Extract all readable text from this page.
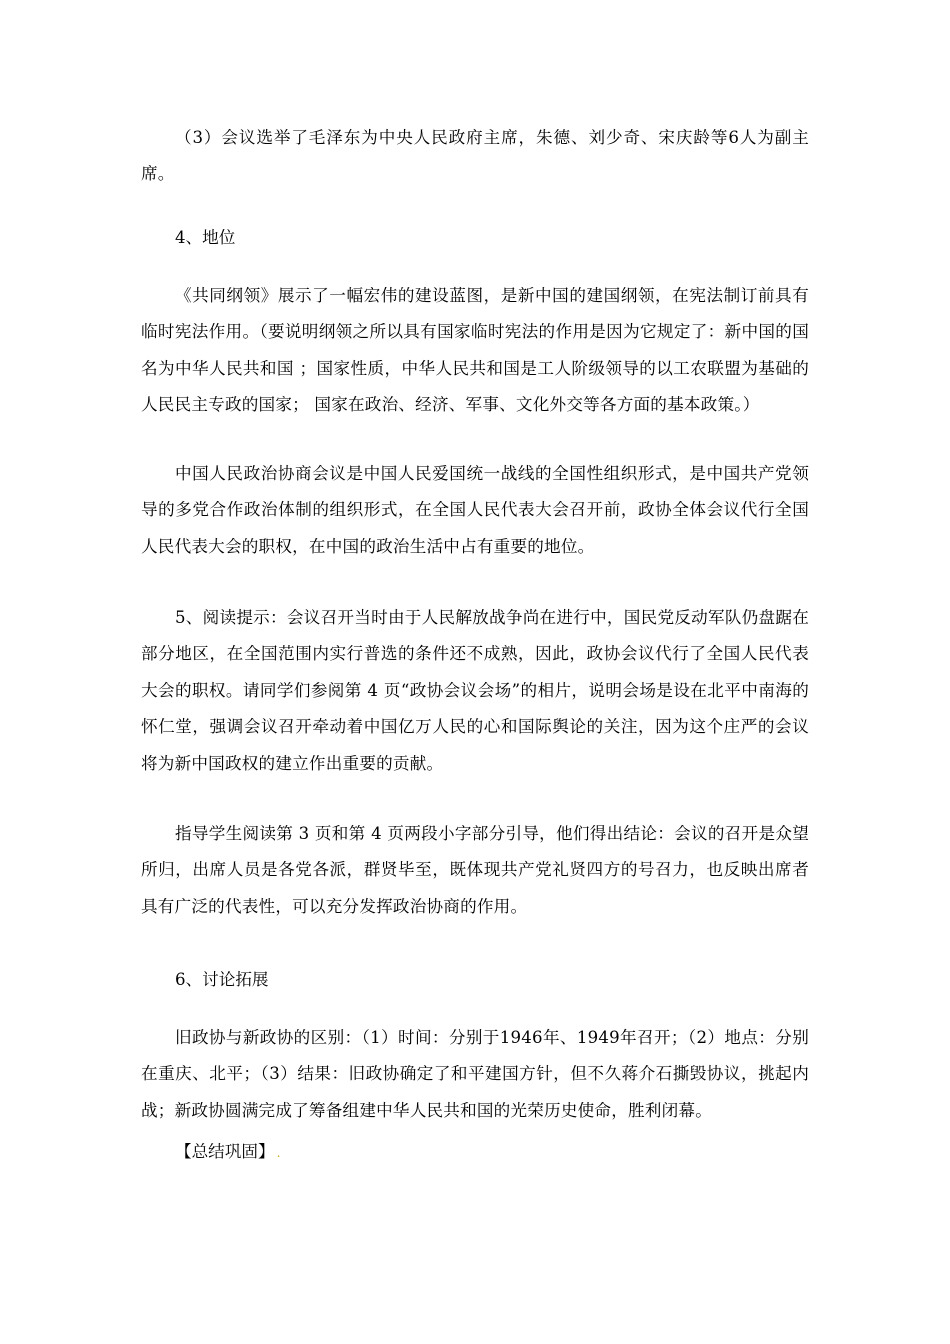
（3）会议选举了毛泽东为中央人民政府主席，朱德、刘少奇、宋庆龄等6人为副主席。

4、地位

《共同纲领》展示了一幅宏伟的建设蓝图，是新中国的建国纲领，在宪法制订前具有临时宪法作用。（要说明纲领之所以具有国家临时宪法的作用是因为它规定了：新中国的国名为中华人民共和国 ；国家性质，中华人民共和国是工人阶级领导的以工农联盟为基础的人民民主专政的国家； 国家在政治、经济、军事、文化外交等各方面的基本政策。）

中国人民政治协商会议是中国人民爱国统一战线的全国性组织形式，是中国共产党领导的多党合作政治体制的组织形式，在全国人民代表大会召开前，政协全体会议代行全国人民代表大会的职权，在中国的政治生活中占有重要的地位。

5、阅读提示：会议召开当时由于人民解放战争尚在进行中，国民党反动军队仍盘踞在部分地区，在全国范围内实行普选的条件还不成熟，因此，政协会议代行了全国人民代表大会的职权。请同学们参阅第 4 页“政协会议会场”的相片，说明会场是设在北平中南海的怀仁堂，强调会议召开牵动着中国亿万人民的心和国际舆论的关注，因为这个庄严的会议将为新中国政权的建立作出重要的贡献。

指导学生阅读第 3 页和第 4 页两段小字部分引导，他们得出结论：会议的召开是众望所归，出席人员是各党各派，群贤毕至，既体现共产党礼贤四方的号召力，也反映出席者具有广泛的代表性，可以充分发挥政治协商的作用。

6、讨论拓展

旧政协与新政协的区别：（1）时间：分别于1946年、1949年召开；（2）地点：分别在重庆、北平；（3）结果：旧政协确定了和平建国方针，但不久蒋介石撕毁协议，挑起内战；新政协圆满完成了筹备组建中华人民共和国的光荣历史使命，胜利闭幕。

【总结巩固】 .
